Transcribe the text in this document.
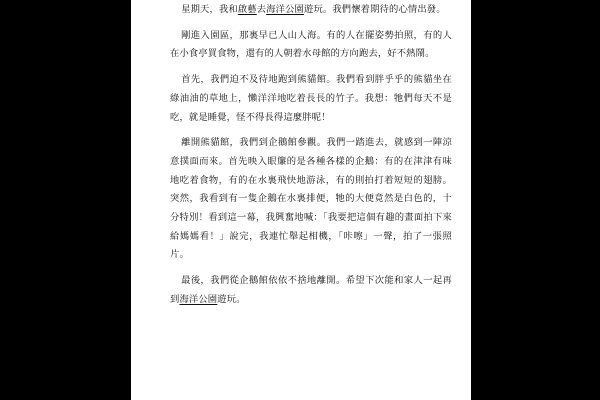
星期天，我和啟藝去海洋公園遊玩。我們懷着期待的心情出發。

剛進入園區，那裏早已人山人海。有的人在擺姿勢拍照，有的人在小食亭買食物，還有的人朝着水母館的方向跑去，好不熱鬧。

首先，我們迫不及待地跑到熊貓館。我們看到胖乎乎的熊貓坐在綠油油的草地上，懶洋洋地吃着長長的竹子。我想：牠們每天不是吃，就是睡覺，怪不得長得這麼胖呢！

離開熊貓館，我們到企鵝館參觀。我們一踏進去，就感到一陣涼意撲面而來。首先映入眼簾的是各種各樣的企鵝：有的在津津有味地吃着食物，有的在水裏飛快地游泳，有的則拍打着短短的翅膀。突然，我看到有一隻企鵝在水裏排便，牠的大便竟然是白色的，十分特別！看到這一幕，我興奮地喊：「我要把這個有趣的畫面拍下來給媽媽看！」說完，我連忙舉起相機，「咔嚓」一聲，拍了一張照片。

最後，我們從企鵝館依依不捨地離開。希望下次能和家人一起再到海洋公園遊玩。
